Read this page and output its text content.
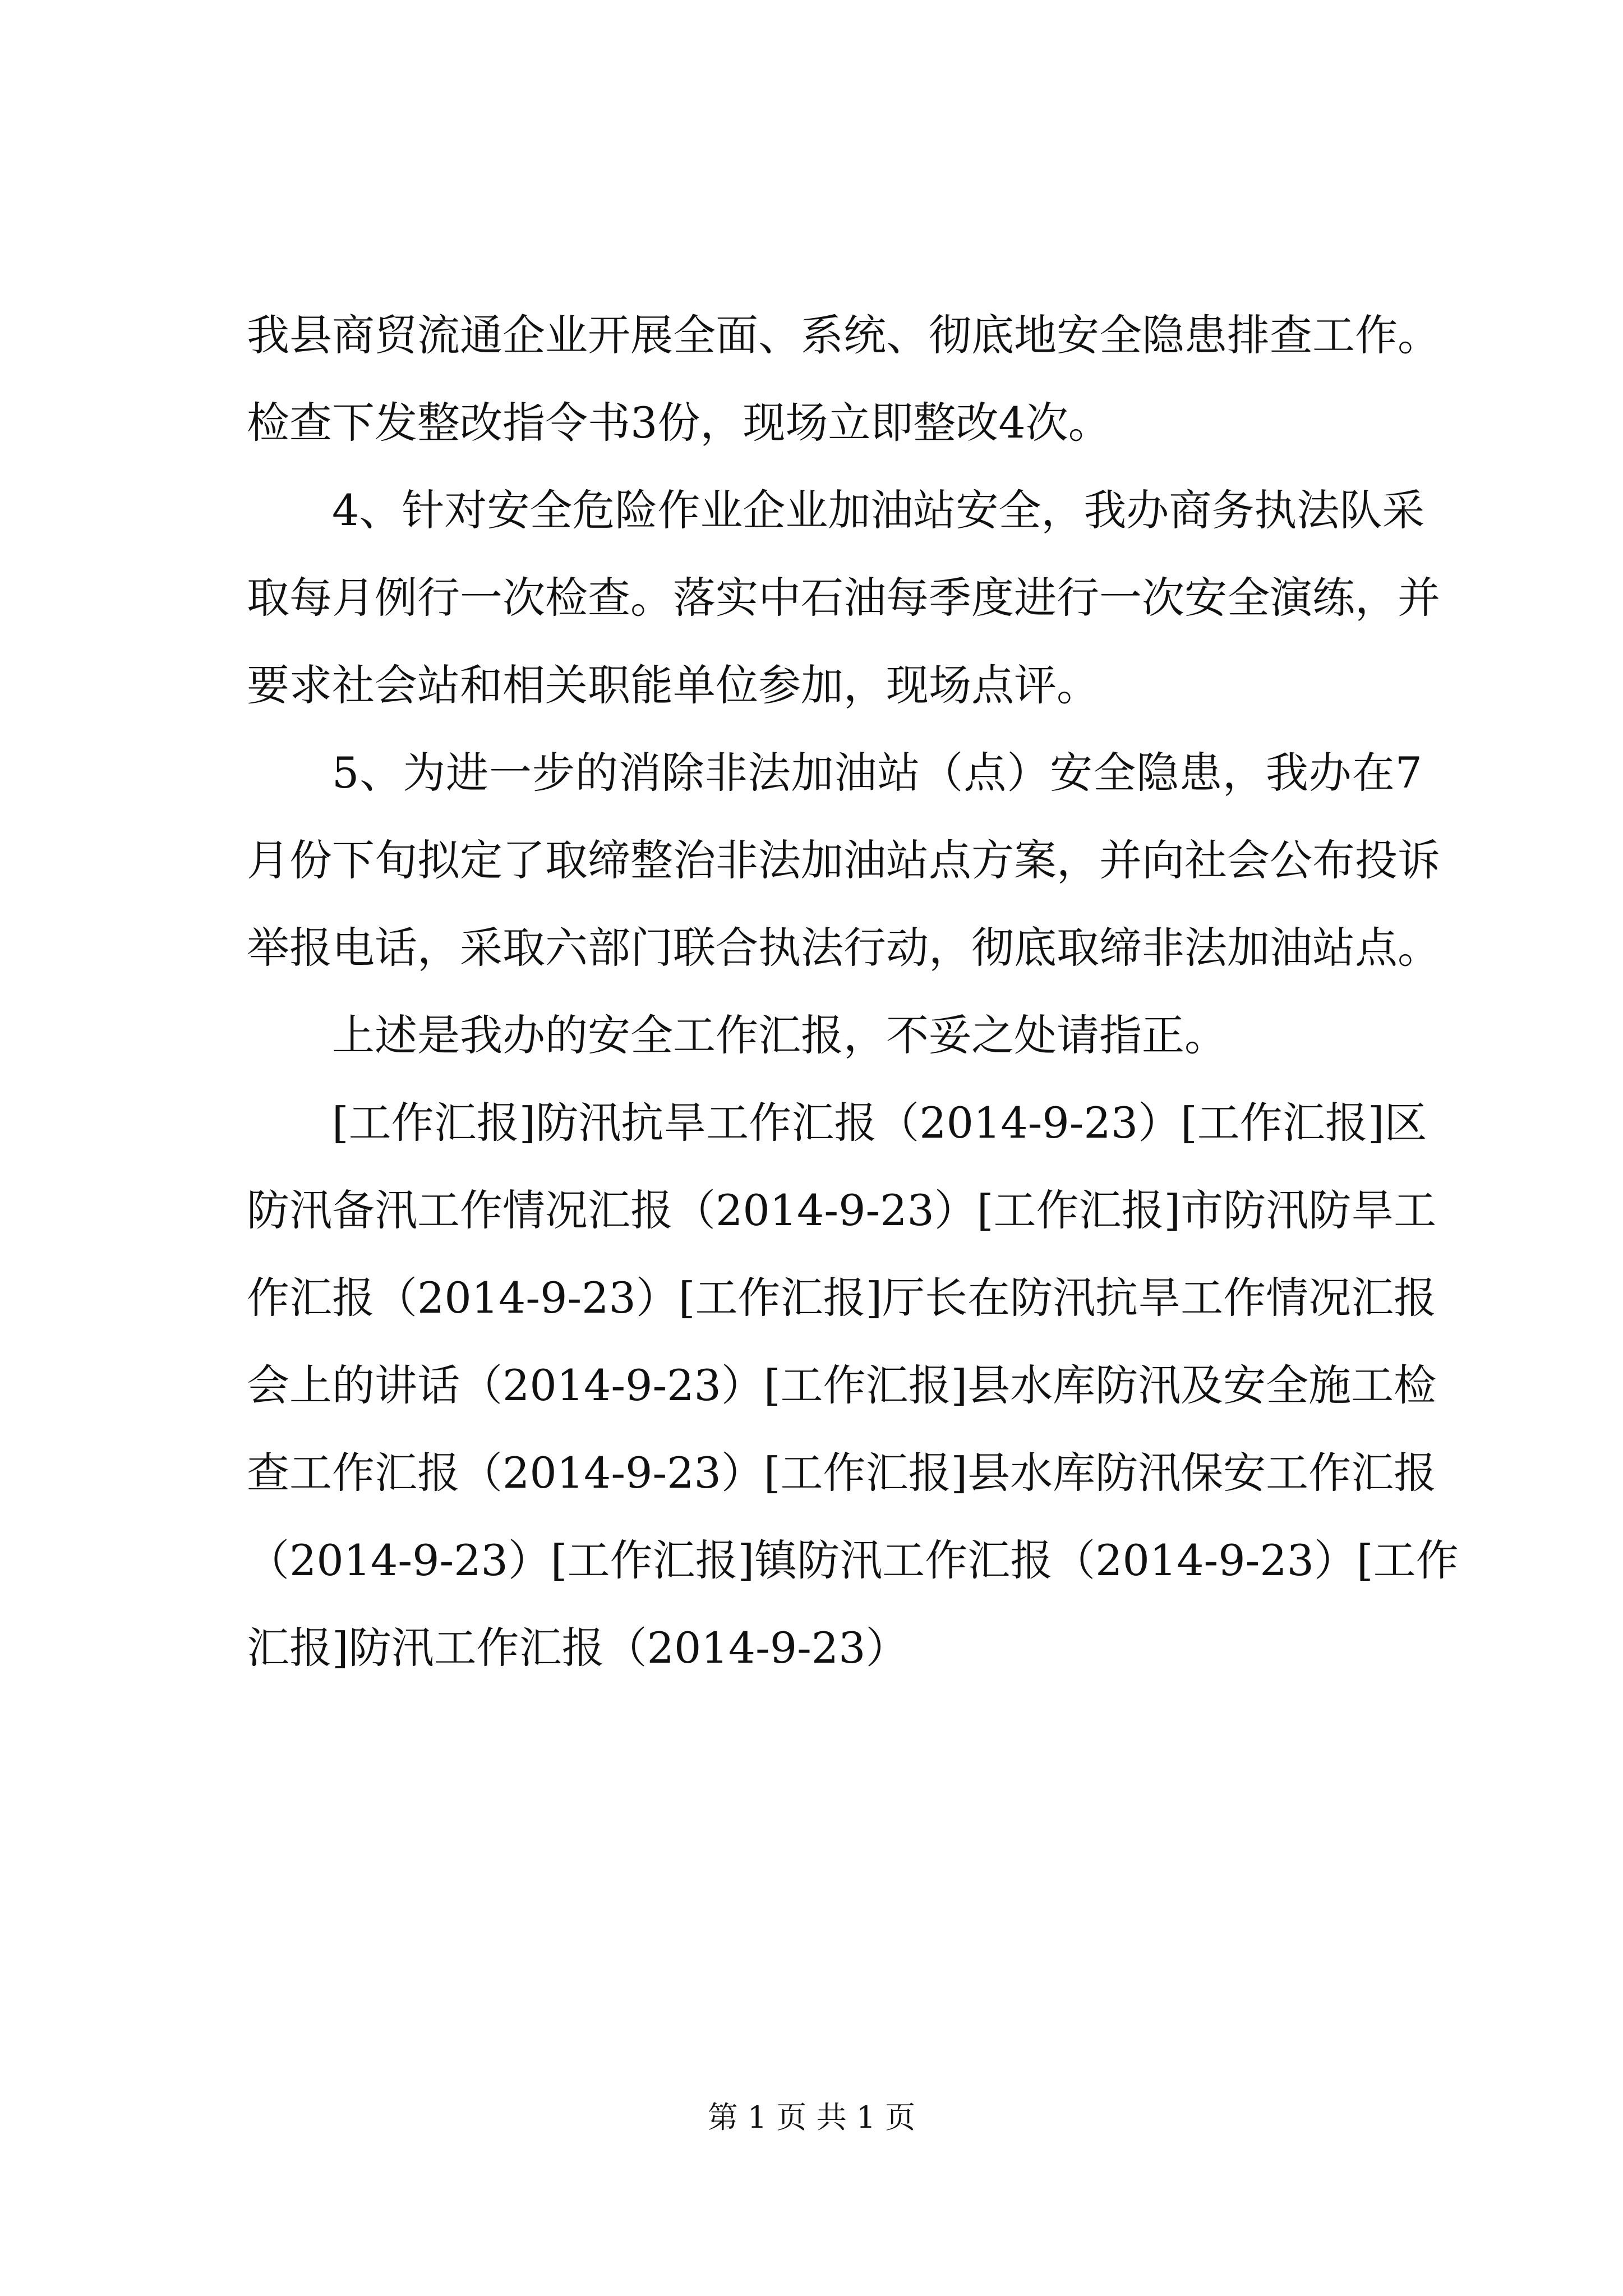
我县商贸流通企业开展全面、系统、彻底地安全隐患排查工作。
检查下发整改指令书3份，现场立即整改4次。
4、针对安全危险作业企业加油站安全，我办商务执法队采
取每月例行一次检查。落实中石油每季度进行一次安全演练，并
要求社会站和相关职能单位参加，现场点评。
5、为进一步的消除非法加油站（点）安全隐患，我办在7
月份下旬拟定了取缔整治非法加油站点方案，并向社会公布投诉
举报电话，采取六部门联合执法行动，彻底取缔非法加油站点。
上述是我办的安全工作汇报，不妥之处请指正。
[工作汇报]防汛抗旱工作汇报（2014-9-23）[工作汇报]区
防汛备汛工作情况汇报（2014-9-23）[工作汇报]市防汛防旱工
作汇报（2014-9-23）[工作汇报]厅长在防汛抗旱工作情况汇报
会上的讲话（2014-9-23）[工作汇报]县水库防汛及安全施工检
查工作汇报（2014-9-23）[工作汇报]县水库防汛保安工作汇报
（2014-9-23）[工作汇报]镇防汛工作汇报（2014-9-23）[工作
汇报]防汛工作汇报（2014-9-23）
第 1 页 共 1 页
